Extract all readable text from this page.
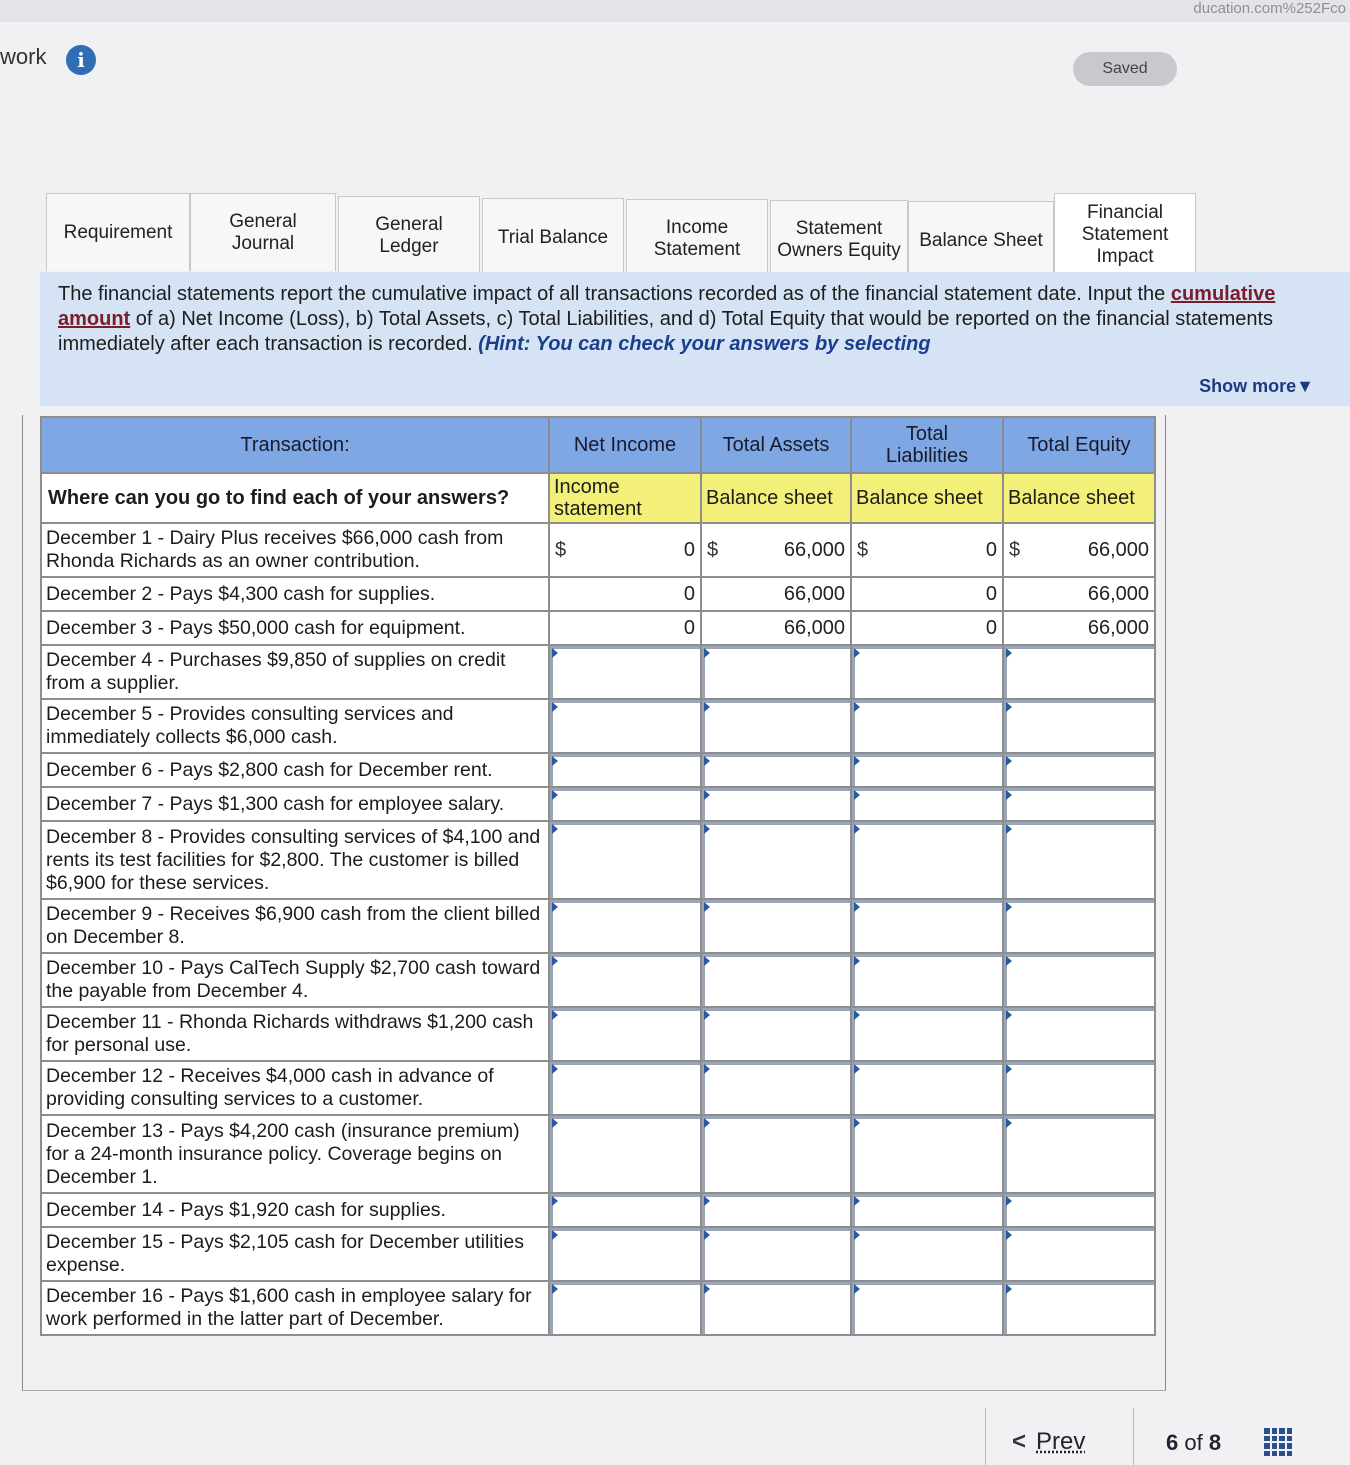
ducation.com%252Fco
work	i	Saved
Requirement
General Journal
General Ledger	Trial Balance	Income Statement
Statement Owners Equity Balance Sheet
Financial Statement Impact
The financial statements report the cumulative impact of all transactions recorded as of the financial statement date. Input the cumulative amount of a) Net Income (Loss), b) Total Assets, c) Total Liabilities, and d) Total Equity that would be reported on the financial statements immediately after each transaction is recorded. (Hint: You can check your answers by selecting
Show more▼
Transaction:	Net Income	Total Assets	Total Liabilities	Total Equity
Where can you go to find each of your answers?	Income statement	Balance sheet	Balance sheet	Balance sheet
December 1 - Dairy Plus receives $66,000 cash from Rhonda Richards as an owner contribution.	$ 0	$ 66,000	$ 0	$ 66,000

December 2 - Pays $4,300 cash for supplies.	0	66,000	0	66,000

December 3 - Pays $50,000 cash for equipment.	0	66,000	0	66,000

December 4 - Purchases $9,850 of supplies on credit from a supplier.	

December 5 - Provides consulting services and immediately collects $6,000 cash.	

December 6 - Pays $2,800 cash for December rent.	

December 7 - Pays $1,300 cash for employee salary.	

December 8 - Provides consulting services of $4,100 and rents its test facilities for $2,800. The customer is billed $6,900 for these services.	

December 9 - Receives $6,900 cash from the client billed on December 8.	

December 10 - Pays CalTech Supply $2,700 cash toward the payable from December 4.	

December 11 - Rhonda Richards withdraws $1,200 cash for personal use.	

December 12 - Receives $4,000 cash in advance of providing consulting services to a customer.	

December 13 - Pays $4,200 cash (insurance premium) for a 24-month insurance policy. Coverage begins on December 1.	

December 14 - Pays $1,920 cash for supplies.	

December 15 - Pays $2,105 cash for December utilities expense.	

December 16 - Pays $1,600 cash in employee salary for work performed in the latter part of December.	

< Prev	6 of 8
